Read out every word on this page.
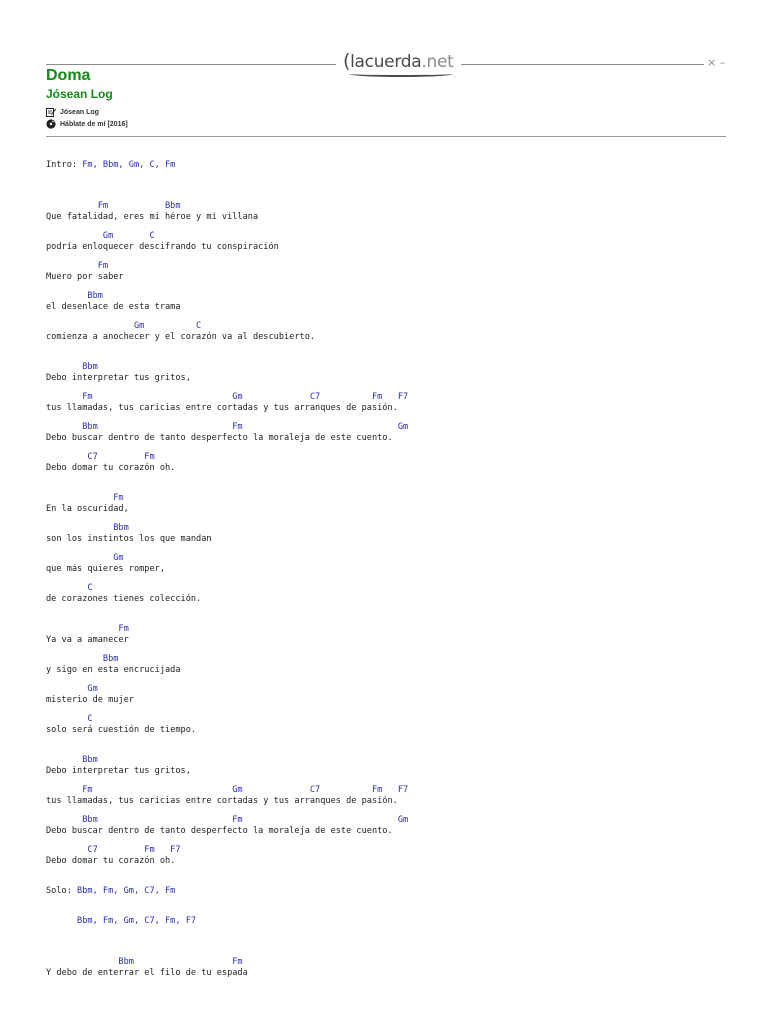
(lacuerda.net	× –
Doma
Jósean Log
Jósean Log
Háblate de mí [2016]
Intro: Fm, Bbm, Gm, C, Fm
Fm           Bbm
Que fatalidad, eres mi héroe y mi villana
Gm       C
podría enloquecer descifrando tu conspiración
Fm
Muero por saber
Bbm
el desenlace de esta trama
Gm          C
comienza a anochecer y el corazón va al descubierto.
Bbm
Debo interpretar tus gritos,
Fm                           Gm             C7          Fm   F7
tus llamadas, tus caricias entre cortadas y tus arranques de pasión.
Bbm                          Fm                              Gm
Debo buscar dentro de tanto desperfecto la moraleja de este cuento.
C7         Fm
Debo domar tu corazón oh.
Fm
En la oscuridad,
Bbm
son los instintos los que mandan
Gm
que más quieres romper,
C
de corazones tienes colección.
Fm
Ya va a amanecer
Bbm
y sigo en esta encrucijada
Gm
misterio de mujer
C
solo será cuestión de tiempo.
Bbm
Debo interpretar tus gritos,
Fm                           Gm             C7          Fm   F7
tus llamadas, tus caricias entre cortadas y tus arranques de pasión.
Bbm                          Fm                              Gm
Debo buscar dentro de tanto desperfecto la moraleja de este cuento.
C7         Fm   F7
Debo domar tu corazón oh.
Solo: Bbm, Fm, Gm, C7, Fm
Bbm, Fm, Gm, C7, Fm, F7
Bbm                   Fm
Y debo de enterrar el filo de tu espada
